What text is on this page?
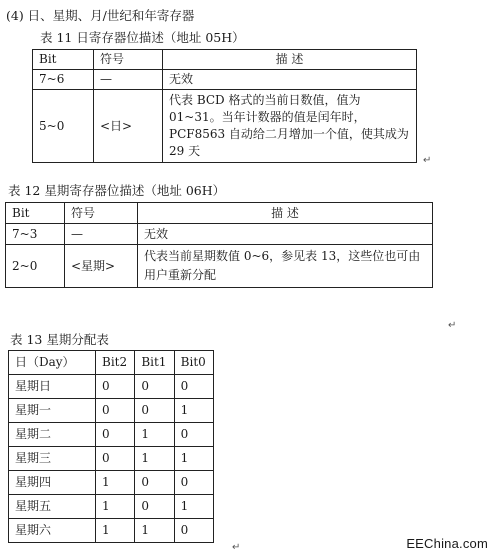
(4) 日、星期、月/世纪和年寄存器
表 11 日寄存器位描述（地址 05H）
Bit	符号	描 述
7~6	—	无效
5~0	<日>	代表 BCD 格式的当前日数值，值为 01~31。当年计数器的值是闰年时，PCF8563 自动给二月增加一个值，使其成为 29 天
↵
表 12 星期寄存器位描述（地址 06H）
Bit	符号	描 述
7~3	—	无效
2~0	<星期>	代表当前星期数值 0~6，参见表 13，这些位也可由用户重新分配
↵
表 13 星期分配表
日（Day）	Bit2	Bit1	Bit0
星期日	0	0	0
星期一	0	0	1
星期二	0	1	0
星期三	0	1	1
星期四	1	0	0
星期五	1	0	1
星期六	1	1	0
↵	EEChina.com
